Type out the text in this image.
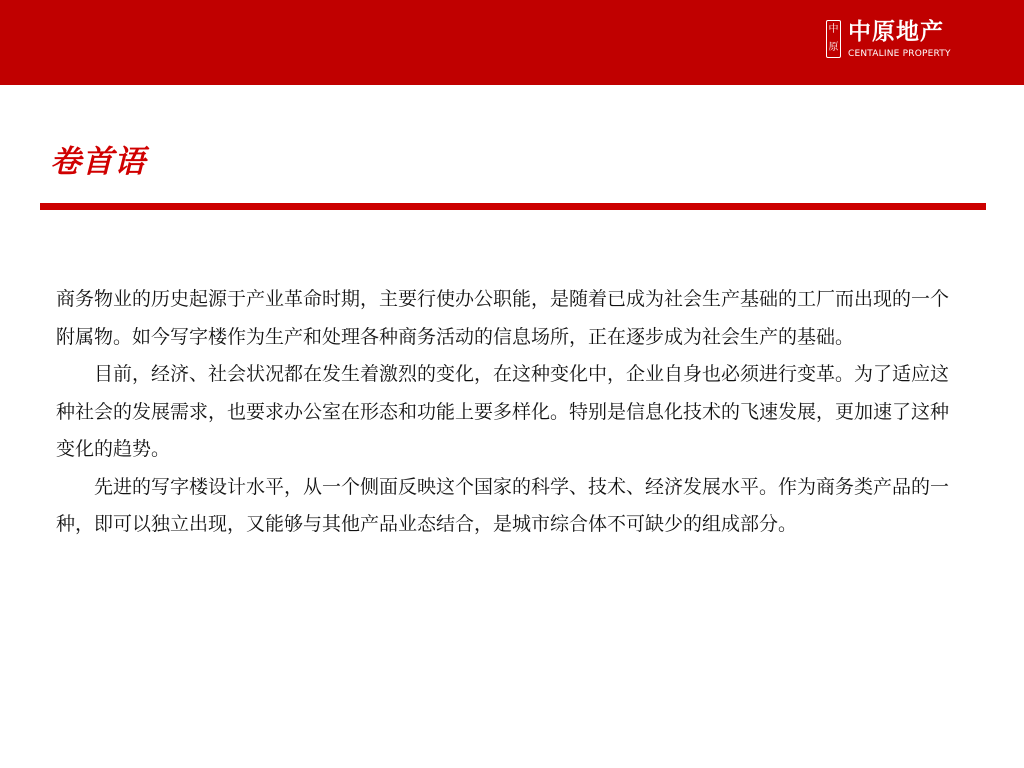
中原
中原地产
CENTALINE PROPERTY
卷首语

商务物业的历史起源于产业革命时期，主要行使办公职能，是随着已成为社会生产基础的工厂而出现的一个附属物。如今写字楼作为生产和处理各种商务活动的信息场所，正在逐步成为社会生产的基础。

目前，经济、社会状况都在发生着激烈的变化，在这种变化中，企业自身也必须进行变革。为了适应这种社会的发展需求，也要求办公室在形态和功能上要多样化。特别是信息化技术的飞速发展，更加速了这种变化的趋势。

先进的写字楼设计水平，从一个侧面反映这个国家的科学、技术、经济发展水平。作为商务类产品的一种，即可以独立出现，又能够与其他产品业态结合，是城市综合体不可缺少的组成部分。
